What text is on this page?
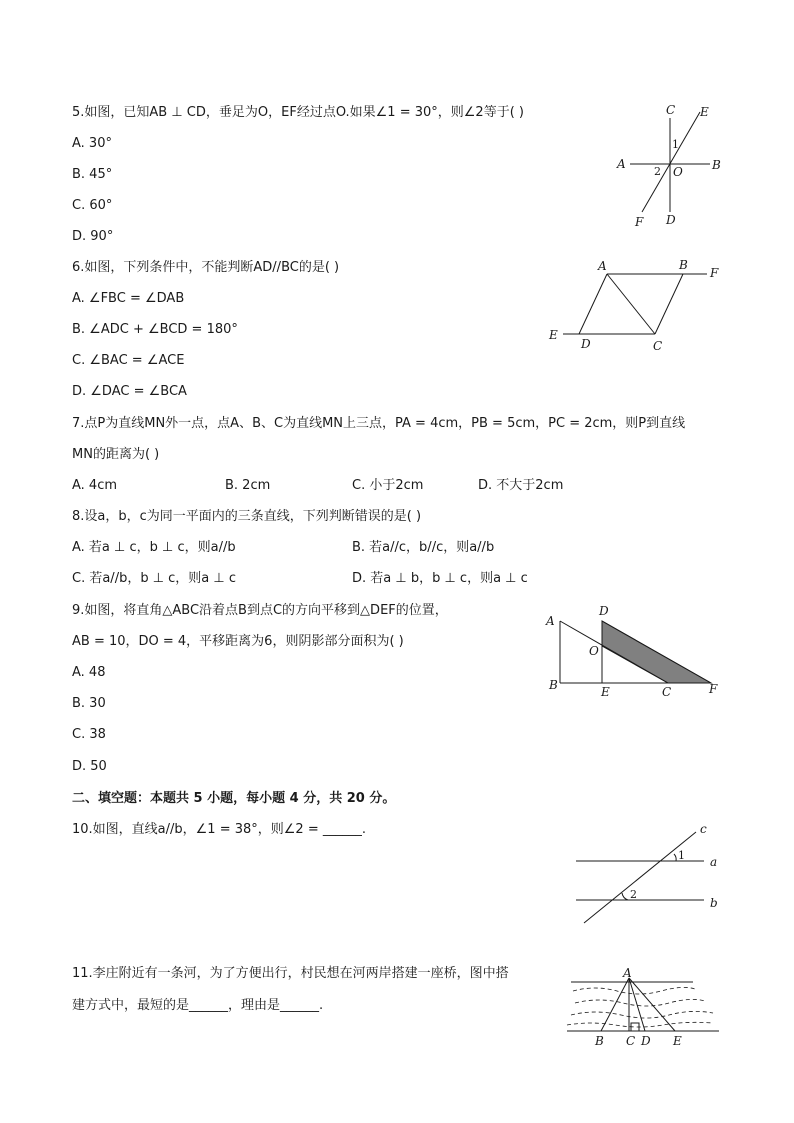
5.如图，已知AB ⊥ CD，垂足为O，EF经过点O.如果∠1 = 30°，则∠2等于( )
A. 30°
B. 45°
C. 60°
D. 90°
C E
A	B
O
F D
1
2
6.如图，下列条件中，不能判断AD//BC的是( )
A. ∠FBC = ∠DAB
B. ∠ADC + ∠BCD = 180°
C. ∠BAC = ∠ACE
D. ∠DAC = ∠BCA
A	B
F
E
D	C
7.点P为直线MN外一点，点A、B、C为直线MN上三点，PA = 4cm，PB = 5cm，PC = 2cm，则P到直线
MN的距离为( )
A. 4cm	B. 2cm	C. 小于2cm	D. 不大于2cm
8.设a，b，c为同一平面内的三条直线，下列判断错误的是( )
A. 若a ⊥ c，b ⊥ c，则a//b	B. 若a//c，b//c，则a//b
C. 若a//b，b ⊥ c，则a ⊥ c	D. 若a ⊥ b，b ⊥ c，则a ⊥ c
9.如图，将直角△ABC沿着点B到点C的方向平移到△DEF的位置，
AB = 10，DO = 4，平移距离为6，则阴影部分面积为( )
A. 48
B. 30
C. 38
D. 50
A
D
O
B	E	C	F
二、填空题：本题共 5 小题，每小题 4 分，共 20 分。
10.如图，直线a//b，∠1 = 38°，则∠2 = ______.	c
a
b
1
2
11.李庄附近有一条河，为了方便出行，村民想在河两岸搭建一座桥，图中搭
建方式中，最短的是______，理由是______.
A
B C D E
